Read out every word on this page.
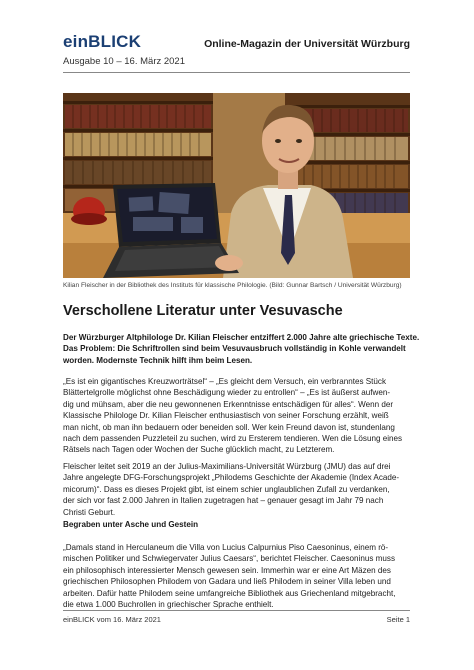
einBLICK	Online-Magazin der Universität Würzburg
Ausgabe 10 – 16. März 2021
Kilian Fleischer in der Bibliothek des Instituts für klassische Philologie. (Bild: Gunnar Bartsch / Universität Würzburg)
Verschollene Literatur unter Vesuvasche
Der Würzburger Altphilologe Dr. Kilian Fleischer entziffert 2.000 Jahre alte griechische Texte.
Das Problem: Die Schriftrollen sind beim Vesuvausbruch vollständig in Kohle verwandelt
worden. Modernste Technik hilft ihm beim Lesen.
„Es ist ein gigantisches Kreuzworträtsel“ – „Es gleicht dem Versuch, ein verbranntes Stück
Blättertelgrolle möglichst ohne Beschädigung wieder zu entrollen“ – „Es ist äußerst aufwen-
dig und mühsam, aber die neu gewonnenen Erkenntnisse entschädigen für alles“. Wenn der
Klassische Philologe Dr. Kilian Fleischer enthusiastisch von seiner Forschung erzählt, weiß
man nicht, ob man ihn bedauern oder beneiden soll. Wer kein Freund davon ist, stundenlang
nach dem passenden Puzzleteil zu suchen, wird zu Ersterem tendieren. Wen die Lösung eines
Rätsels nach Tagen oder Wochen der Suche glücklich macht, zu Letzterem.
Fleischer leitet seit 2019 an der Julius-Maximilians-Universität Würzburg (JMU) das auf drei
Jahre angelegte DFG-Forschungsprojekt „Philodems Geschichte der Akademie (Index Acade-
micorum)“. Dass es dieses Projekt gibt, ist einem schier unglaublichen Zufall zu verdanken,
der sich vor fast 2.000 Jahren in Italien zugetragen hat – genauer gesagt im Jahr 79 nach
Christi Geburt.
Begraben unter Asche und Gestein
„Damals stand in Herculaneum die Villa von Lucius Calpurnius Piso Caesoninus, einem rö-
mischen Politiker und Schwiegervater Julius Caesars“, berichtet Fleischer. Caesoninus muss
ein philosophisch interessierter Mensch gewesen sein. Immerhin war er eine Art Mäzen des
griechischen Philosophen Philodem von Gadara und ließ Philodem in seiner Villa leben und
arbeiten. Dafür hatte Philodem seine umfangreiche Bibliothek aus Griechenland mitgebracht,
die etwa 1.000 Buchrollen in griechischer Sprache enthielt.
einBLICK vom 16. März 2021	Seite 1
